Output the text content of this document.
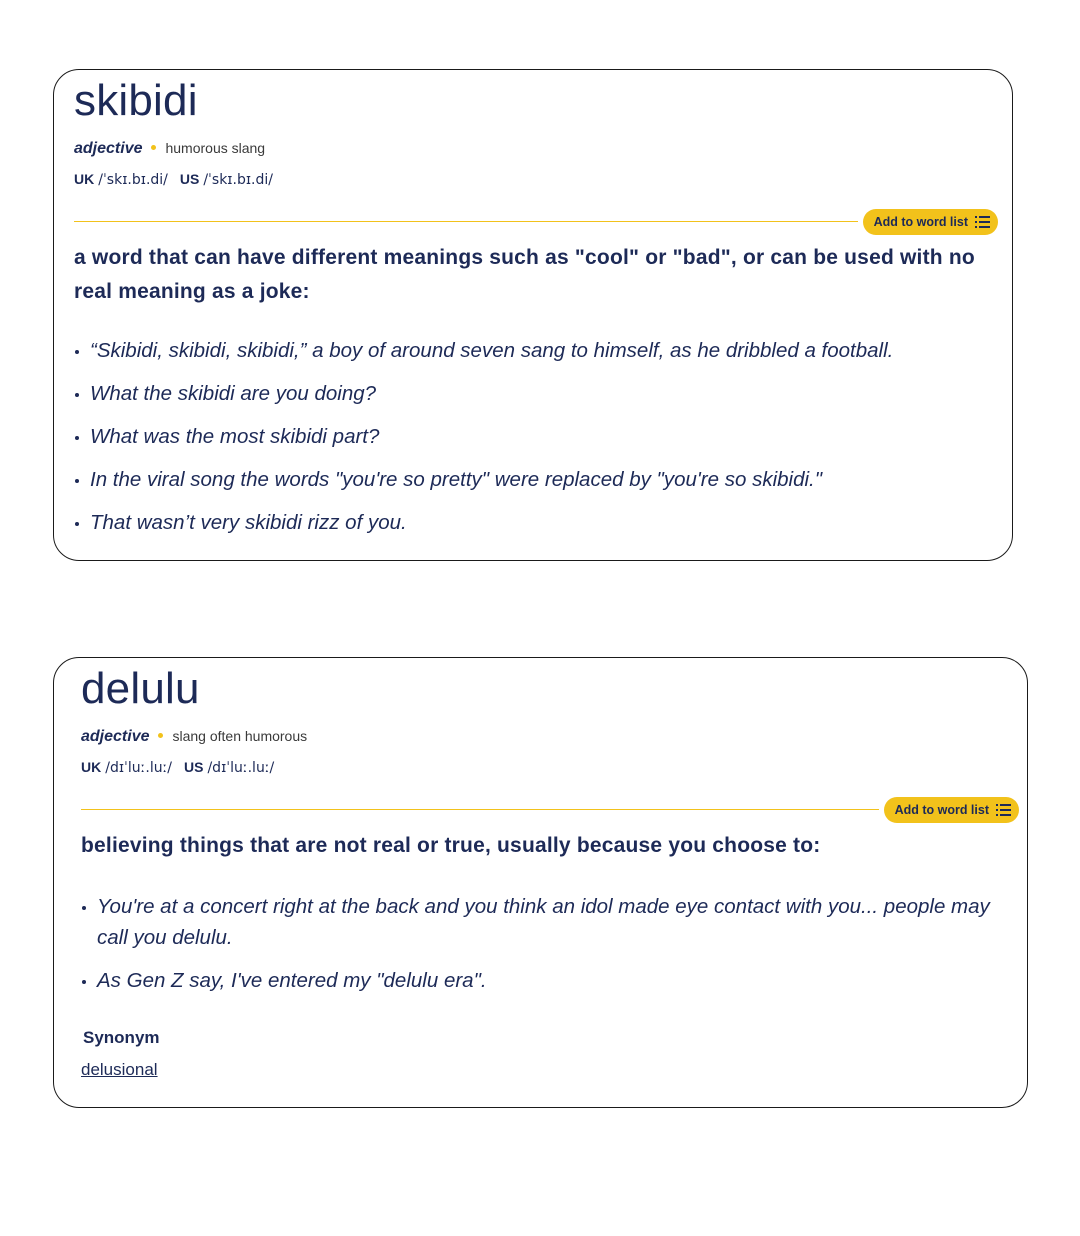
skibidi
adjective humorous slang
UK /ˈskɪ.bɪ.di/ US /ˈskɪ.bɪ.di/
Add to word list
a word that can have different meanings such as "cool" or "bad", or can be used with no real meaning as a joke:
“Skibidi, skibidi, skibidi,” a boy of around seven sang to himself, as he dribbled a football.
What the skibidi are you doing?
What was the most skibidi part?
In the viral song the words "you're so pretty" were replaced by "you're so skibidi."
That wasn’t very skibidi rizz of you.
delulu
adjective slang often humorous
UK /dɪˈluː.luː/ US /dɪˈluː.luː/
Add to word list
believing things that are not real or true, usually because you choose to:
You're at a concert right at the back and you think an idol made eye contact with you... people may call you delulu.
As Gen Z say, I've entered my "delulu era".
Synonym
delusional
